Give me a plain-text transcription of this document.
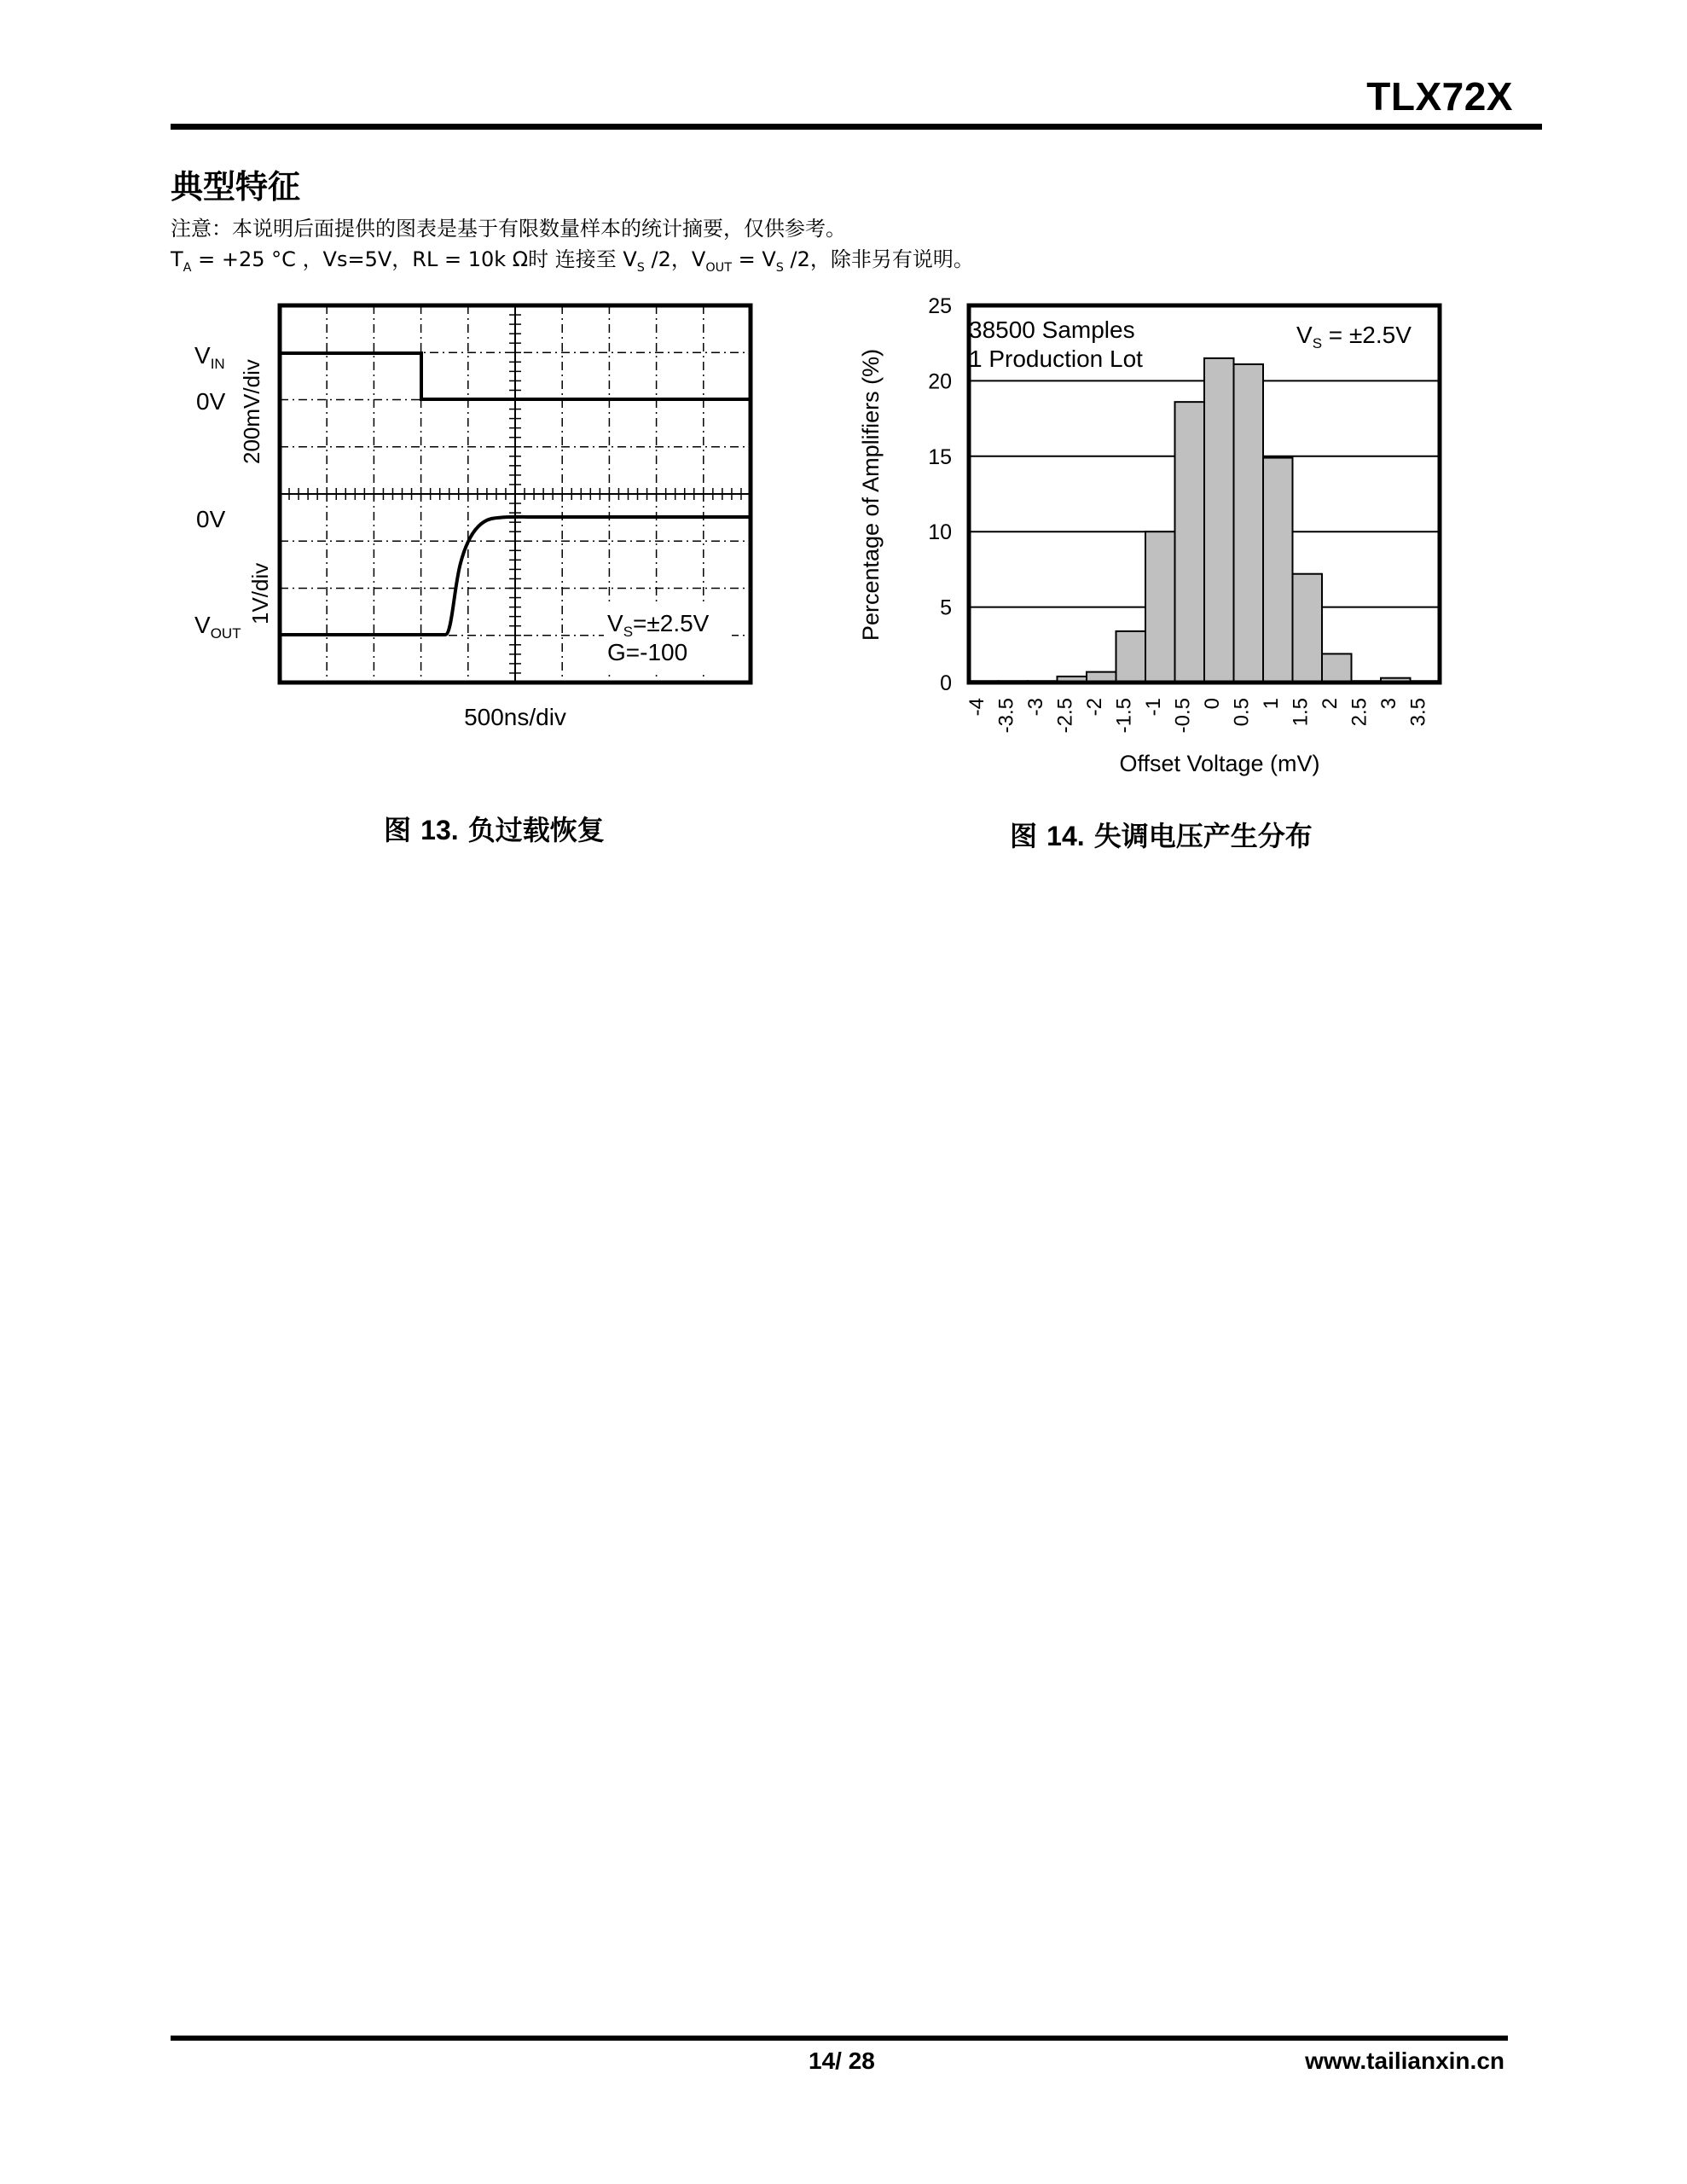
TLX72X
典型特征
注意：本说明后面提供的图表是基于有限数量样本的统计摘要，仅供参考。
$T_A = +25$ °C ，Vs=5V，RL = 10k Ω时 连接至 $V_S$ /2，$V_{OUT} = V_S$ /2，除非另有说明。
$V_{IN}$
0V 200mV/div
0V
1V/div
$V_{OUT}$	$V_S=\pm 2.5V$
G=-100
500ns/div
图 13. 负过载恢复
0
5
10
15
20
25
-4 -3.5 -3 -2.5 -2 -1.5 -1 -0.5 0 0.5 1 1.5 2 2.5 3 3.5
Percentage of Amplifiers (%)
Offset Voltage (mV)
38500 Samples
1 Production Lot
$V_S = \pm 2.5V$
图 14. 失调电压产生分布
14/ 28	www.tailianxin.cn
